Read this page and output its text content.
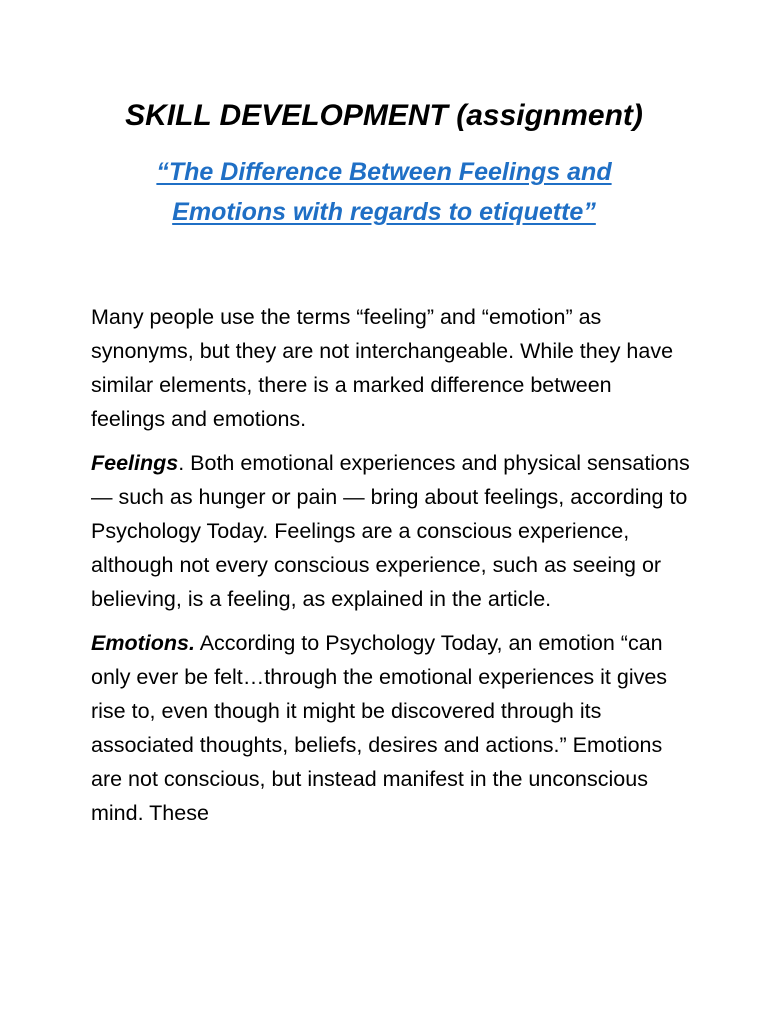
SKILL DEVELOPMENT (assignment)
“The Difference Between Feelings and Emotions with regards to etiquette”

Many people use the terms “feeling” and “emotion” as synonyms, but they are not interchangeable. While they have similar elements, there is a marked difference between feelings and emotions.

Feelings. Both emotional experiences and physical sensations — such as hunger or pain — bring about feelings, according to Psychology Today. Feelings are a conscious experience, although not every conscious experience, such as seeing or believing, is a feeling, as explained in the article.

Emotions. According to Psychology Today, an emotion “can only ever be felt…through the emotional experiences it gives rise to, even though it might be discovered through its associated thoughts, beliefs, desires and actions.” Emotions are not conscious, but instead manifest in the unconscious mind. These
